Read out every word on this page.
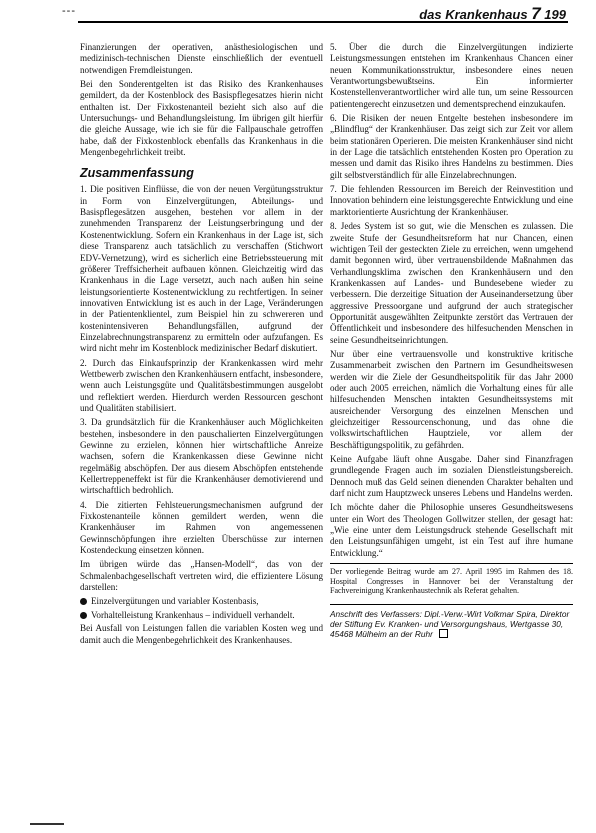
---	das Krankenhaus 7 199

Finanzierungen der operativen, anästhesiologischen und medizinisch-technischen Dienste einschließlich der eventuell notwendigen Fremdleistungen.

Bei den Sonderentgelten ist das Risiko des Krankenhauses gemildert, da der Kostenblock des Basispflegesatzes hierin nicht enthalten ist. Der Fixkostenanteil bezieht sich also auf die Untersuchungs- und Behandlungsleistung. Im übrigen gilt hierfür die gleiche Aussage, wie ich sie für die Fallpauschale getroffen habe, daß der Fixkostenblock ebenfalls das Krankenhaus in die Mengenbegehrlichkeit treibt.

Zusammenfassung

1. Die positiven Einflüsse, die von der neuen Vergütungsstruktur in Form von Einzelvergütungen, Abteilungs- und Basispflegesätzen ausgehen, bestehen vor allem in der zunehmenden Transparenz der Leistungserbringung und der Kostenentwicklung. Sofern ein Krankenhaus in der Lage ist, sich diese Transparenz auch tatsächlich zu verschaffen (Stichwort EDV-Vernetzung), wird es sicherlich eine Betriebssteuerung mit größerer Treffsicherheit aufbauen können. Gleichzeitig wird das Krankenhaus in die Lage versetzt, auch nach außen hin seine leistungsorientierte Kostenentwicklung zu rechtfertigen. In seiner innovativen Entwicklung ist es auch in der Lage, Veränderungen in der Patientenklientel, zum Beispiel hin zu schwereren und kostenintensiveren Behandlungsfällen, aufgrund der Einzelabrechnungstransparenz zu ermitteln oder aufzufangen. Es wird nicht mehr im Kostenblock medizinischer Bedarf diskutiert.

2. Durch das Einkaufsprinzip der Krankenkassen wird mehr Wettbewerb zwischen den Krankenhäusern entfacht, insbesondere, wenn auch Leistungsgüte und Qualitätsbestimmungen ausgelobt und reflektiert werden. Hierdurch werden Ressourcen geschont und Qualitäten stabilisiert.

3. Da grundsätzlich für die Krankenhäuser auch Möglichkeiten bestehen, insbesondere in den pauschalierten Einzelvergütungen Gewinne zu erzielen, können hier wirtschaftliche Anreize wachsen, sofern die Krankenkassen diese Gewinne nicht regelmäßig abschöpfen. Der aus diesem Abschöpfen entstehende Kellertreppeneffekt ist für die Krankenhäuser demotivierend und wirtschaftlich bedrohlich.

4. Die zitierten Fehlsteuerungsmechanismen aufgrund der Fixkostenanteile können gemildert werden, wenn die Krankenhäuser im Rahmen von angemessenen Gewinnschöpfungen ihre erzielten Überschüsse zur internen Kostendeckung einsetzen können.

Im übrigen würde das „Hansen-Modell“, das von der Schmalenbachgesellschaft vertreten wird, die effizientere Lösung darstellen:

Einzelvergütungen und variabler Kostenbasis,
Vorhaltelleistung Krankenhaus – individuell verhandelt.

Bei Ausfall von Leistungen fallen die variablen Kosten weg und damit auch die Mengenbegehrlichkeit des Krankenhauses.

5. Über die durch die Einzelvergütungen indizierte Leistungsmessungen entstehen im Krankenhaus Chancen einer neuen Kommunikationsstruktur, insbesondere eines neuen Verantwortungsbewußtseins. Ein informierter Kostenstellenverantwortlicher wird alle tun, um seine Ressourcen patientengerecht einzusetzen und dementsprechend einzukaufen.

6. Die Risiken der neuen Entgelte bestehen insbesondere im „Blindflug“ der Krankenhäuser. Das zeigt sich zur Zeit vor allem beim stationären Operieren. Die meisten Krankenhäuser sind nicht in der Lage die tatsächlich entstehenden Kosten pro Operation zu messen und damit das Risiko ihres Handelns zu bestimmen. Dies gilt selbstverständlich für alle Einzelabrechnungen.

7. Die fehlenden Ressourcen im Bereich der Reinvestition und Innovation behindern eine leistungsgerechte Entwicklung und eine marktorientierte Ausrichtung der Krankenhäuser.

8. Jedes System ist so gut, wie die Menschen es zulassen. Die zweite Stufe der Gesundheitsreform hat nur Chancen, einen wichtigen Teil der gesteckten Ziele zu erreichen, wenn umgehend damit begonnen wird, über vertrauensbildende Maßnahmen das Verhandlungsklima zwischen den Krankenhäusern und den Krankenkassen auf Landes- und Bundesebene wieder zu verbessern. Die derzeitige Situation der Auseinandersetzung über aggressive Pressoorgane und aufgrund der auch strategischer Opportunität ausgewählten Zeitpunkte zerstört das Vertrauen der Öffentlichkeit und insbesondere des hilfesuchenden Menschen in seine Gesundheitseinrichtungen.

Nur über eine vertrauensvolle und konstruktive kritische Zusammenarbeit zwischen den Partnern im Gesundheitswesen werden wir die Ziele der Gesundheitspolitik für das Jahr 2000 oder auch 2005 erreichen, nämlich die Vorhaltung eines für alle hilfesuchenden Menschen intakten Gesundheitssystems mit ausreichender Versorgung des einzelnen Menschen und gleichzeitiger Ressourcenschonung, und das ohne die volkswirtschaftlichen Hauptziele, vor allem der Beschäftigungspolitik, zu gefährden.

Keine Aufgabe läuft ohne Ausgabe. Daher sind Finanzfragen grundlegende Fragen auch im sozialen Dienstleistungsbereich. Dennoch muß das Geld seinen dienenden Charakter behalten und darf nicht zum Hauptzweck unseres Lebens und Handelns werden.

Ich möchte daher die Philosophie unseres Gesundheitswesens unter ein Wort des Theologen Gollwitzer stellen, der gesagt hat: „Wie eine unter dem Leistungsdruck stehende Gesellschaft mit den Leistungsunfähigen umgeht, ist ein Test auf ihre humane Entwicklung.“

Der vorliegende Beitrag wurde am 27. April 1995 im Rahmen des 18. Hospital Congresses in Hannover bei der Veranstaltung der Fachvereinigung Krankenhaustechnik als Referat gehalten.
Anschrift des Verfassers: Dipl.-Verw.-Wirt Volkmar Spira, Direktor der Stiftung Ev. Kranken- und Versorgungshaus, Wertgasse 30, 45468 Mülheim an der Ruhr
